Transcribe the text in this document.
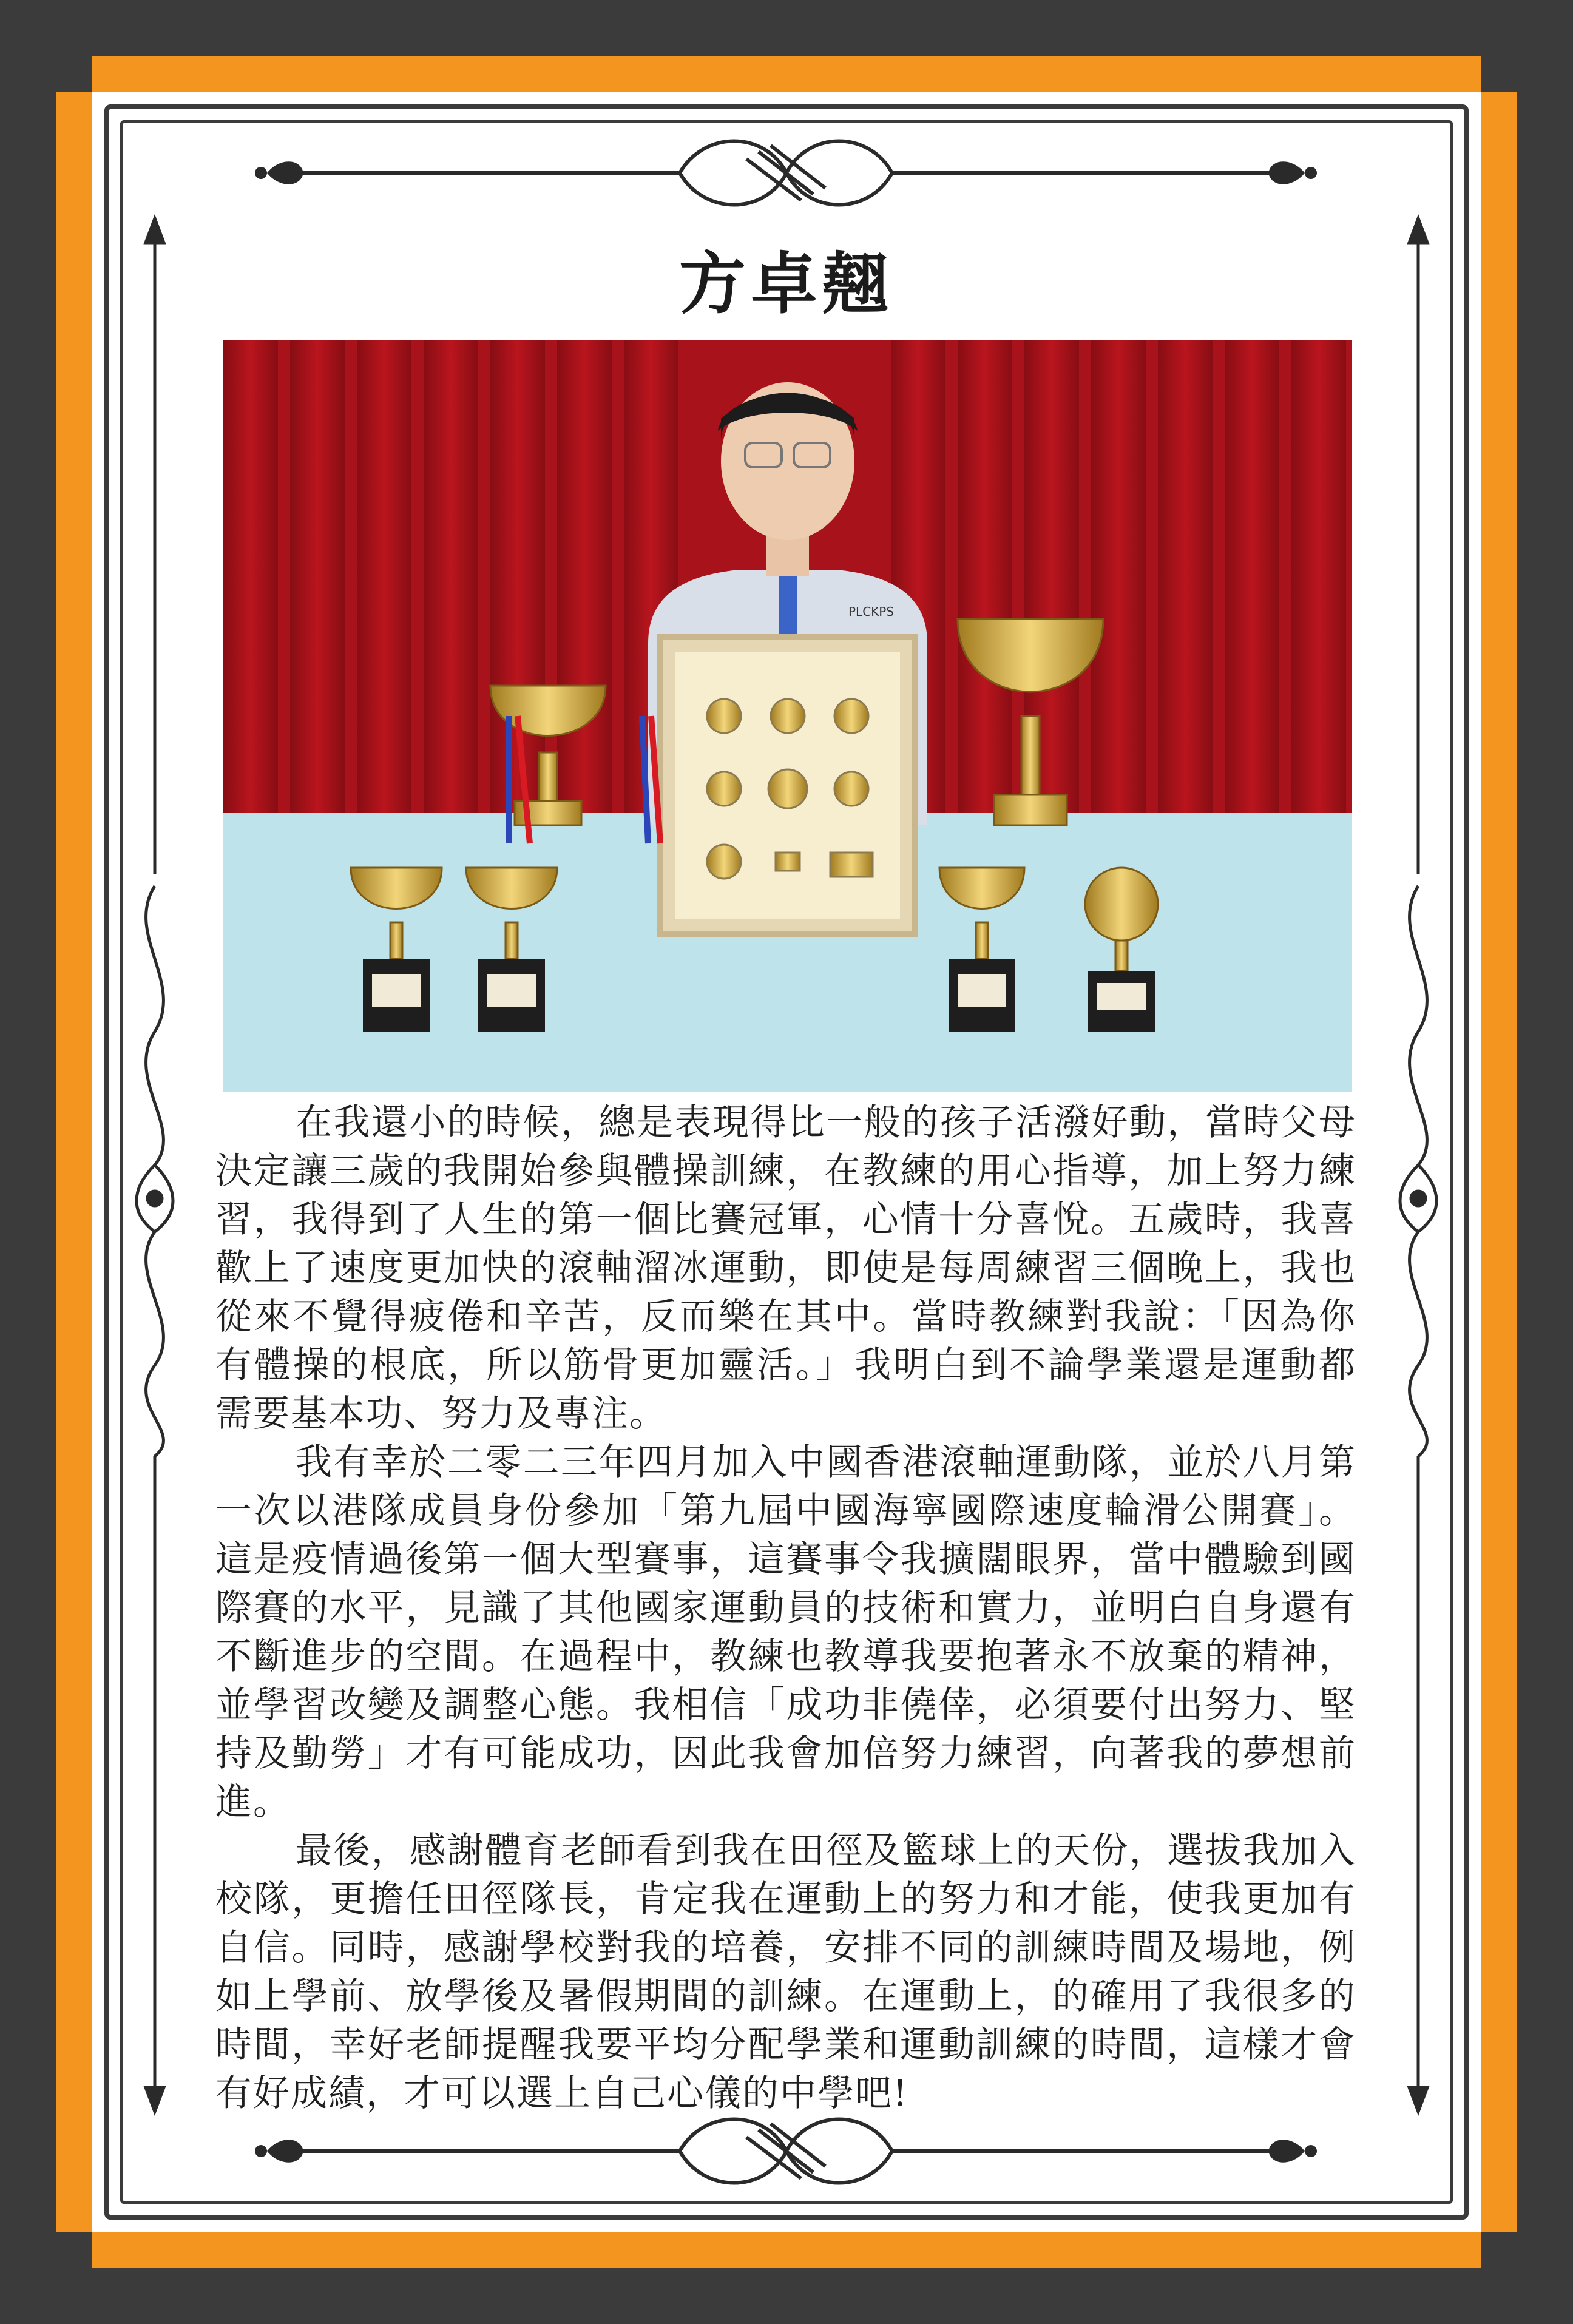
方卓翹
PLCKPS

在我還小的時候，總是表現得比一般的孩子活潑好動，當時父母決定讓三歲的我開始參與體操訓練，在教練的用心指導，加上努力練習，我得到了人生的第一個比賽冠軍，心情十分喜悅。五歲時，我喜歡上了速度更加快的滾軸溜冰運動，即使是每周練習三個晚上，我也從來不覺得疲倦和辛苦，反而樂在其中。當時教練對我說：「因為你有體操的根底，所以筋骨更加靈活。」我明白到不論學業還是運動都需要基本功、努力及專注。

我有幸於二零二三年四月加入中國香港滾軸運動隊，並於八月第一次以港隊成員身份參加「第九屆中國海寧國際速度輪滑公開賽」。這是疫情過後第一個大型賽事，這賽事令我擴闊眼界，當中體驗到國際賽的水平，見識了其他國家運動員的技術和實力，並明白自身還有不斷進步的空間。在過程中，教練也教導我要抱著永不放棄的精神，並學習改變及調整心態。我相信「成功非僥倖，必須要付出努力、堅持及勤勞」才有可能成功，因此我會加倍努力練習，向著我的夢想前進。

最後，感謝體育老師看到我在田徑及籃球上的天份，選拔我加入校隊，更擔任田徑隊長，肯定我在運動上的努力和才能，使我更加有自信。同時，感謝學校對我的培養，安排不同的訓練時間及場地，例如上學前、放學後及暑假期間的訓練。在運動上，的確用了我很多的時間，幸好老師提醒我要平均分配學業和運動訓練的時間，這樣才會有好成績，才可以選上自己心儀的中學吧!
